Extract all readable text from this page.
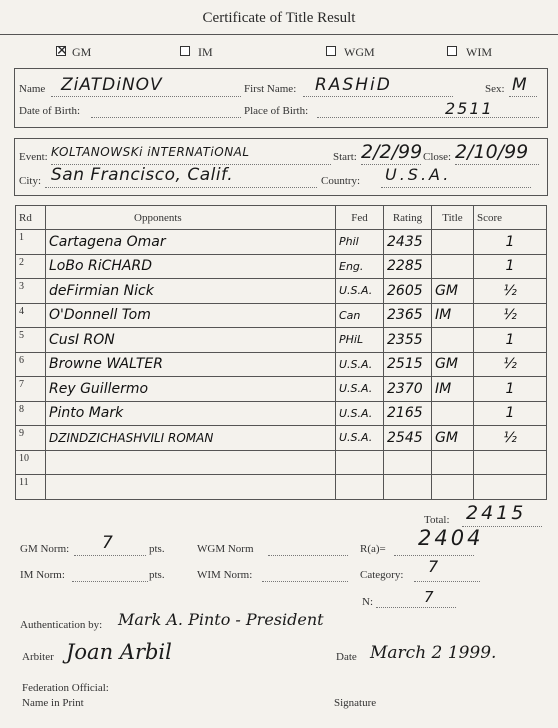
Certificate of Title Result
✕ GM	IM	WGM	WIM
Name ZiATDiNOV	First Name: RASHiD	Sex: M
Date of Birth:	Place of Birth:	2511
Event: KOLTANOWSKi iNTERNATiONAL	Start: 2/2/99 Close: 2/10/99
City: San Francisco, Calif.	Country: U.S.A.
Rd	Opponents	Fed	Rating	Title	Score
1	Cartagena Omar	Phil	2435		1
2	LoBo RiCHARD	Eng.	2285		1
3	deFirmian Nick	U.S.A.	2605	GM	½
4	O'Donnell Tom	Can	2365	IM	½
5	CusI RON	PHiL	2355		1
6	Browne WALTER	U.S.A.	2515	GM	½
7	Rey Guillermo	U.S.A.	2370	IM	1
8	Pinto Mark	U.S.A.	2165		1
9	DZINDZICHASHVILI ROMAN	U.S.A.	2545	GM	½
10					
11					
Total: 2415
GM Norm: 7	pts.	WGM Norm	R(a)= 2404
IM Norm:	pts.	WIM Norm:	Category: 7
N:	7
Authentication by: Mark A. Pinto - President
Arbiter Joan Arbil	Date March 2 1999.
Federation Official:
Name in Print	Signature
